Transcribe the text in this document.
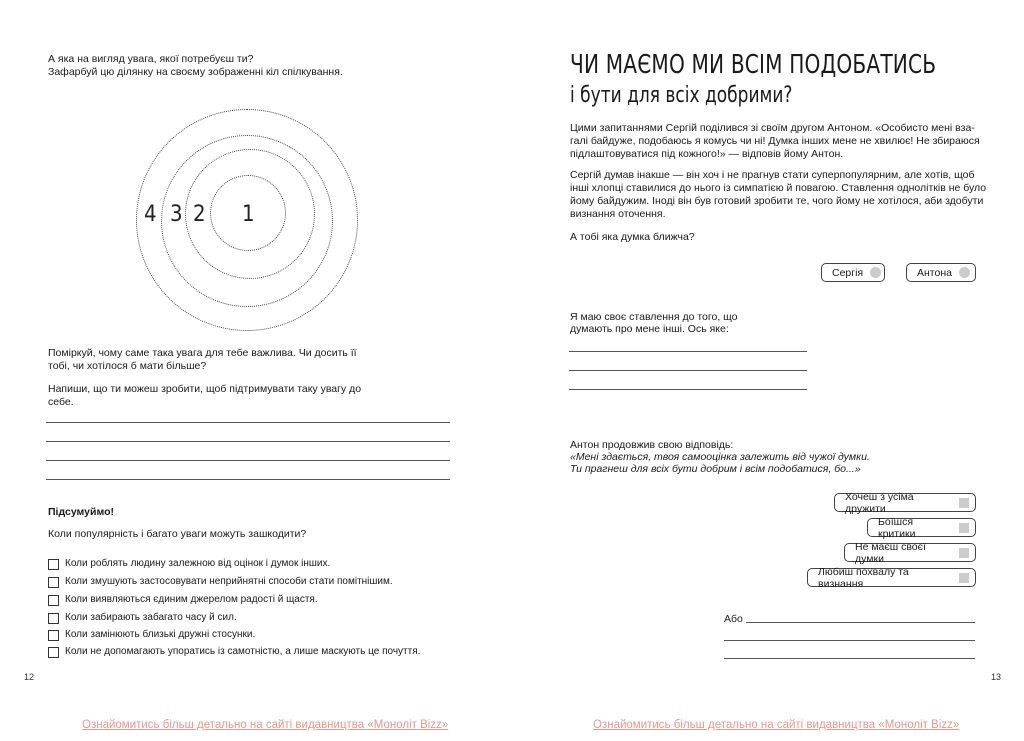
А яка на вигляд увага, якої потребуєш ти?

Зафарбуй цю ділянку на своєму зображенні кіл спілкування.

4 3 2 1

Поміркуй, чому саме така увага для тебе важлива. Чи досить її

тобі, чи хотілося б мати більше?

Напиши, що ти можеш зробити, щоб підтримувати таку увагу до

себе.

Підсумуймо!

Коли популярність і багато уваги можуть зашкодити?

Коли роблять людину залежною від оцінок і думок інших.
Коли змушують застосовувати неприйнятні способи стати помітнішим.
Коли виявляються єдиним джерелом радості й щастя.
Коли забирають забагато часу й сил.
Коли замінюють близькі дружні стосунки.
Коли не допомагають упоратись із самотністю, а лише маскують це почуття.
12
Ознайомитись більш детально на сайті видавництва «Моноліт Bizz»
ЧИ МАЄМО МИ ВСІМ ПОДОБАТИСЬ
і бути для всіх добрими?

Цими запитаннями Сергій поділився зі своїм другом Антоном. «Особисто мені вза-

галі байдуже, подобаюсь я комусь чи ні! Думка інших мене не хвилює! Не збираюся

підлаштовуватися під кожного!» — відповів йому Антон.

Сергій думав інакше — він хоч і не прагнув стати суперпопулярним, але хотів, щоб

інші хлопці ставилися до нього із симпатією й повагою. Ставлення однолітків не було

йому байдужим. Іноді він був готовий зробити те, чого йому не хотілося, аби здобути

визнання оточення.

А тобі яка думка ближча?

Сергія	Антона

Я маю своє ставлення до того, що

думають про мене інші. Ось яке:

Антон продовжив свою відповідь:

«Мені здається, твоя самооцінка залежить від чужої думки.

Ти прагнеш для всіх бути добрим і всім подобатися, бо...»

Хочеш з усіма дружити
Боїшся критики
Не маєш своєї думки
Любиш похвалу та визнання
Або
13
Ознайомитись більш детально на сайті видавництва «Моноліт Bizz»
